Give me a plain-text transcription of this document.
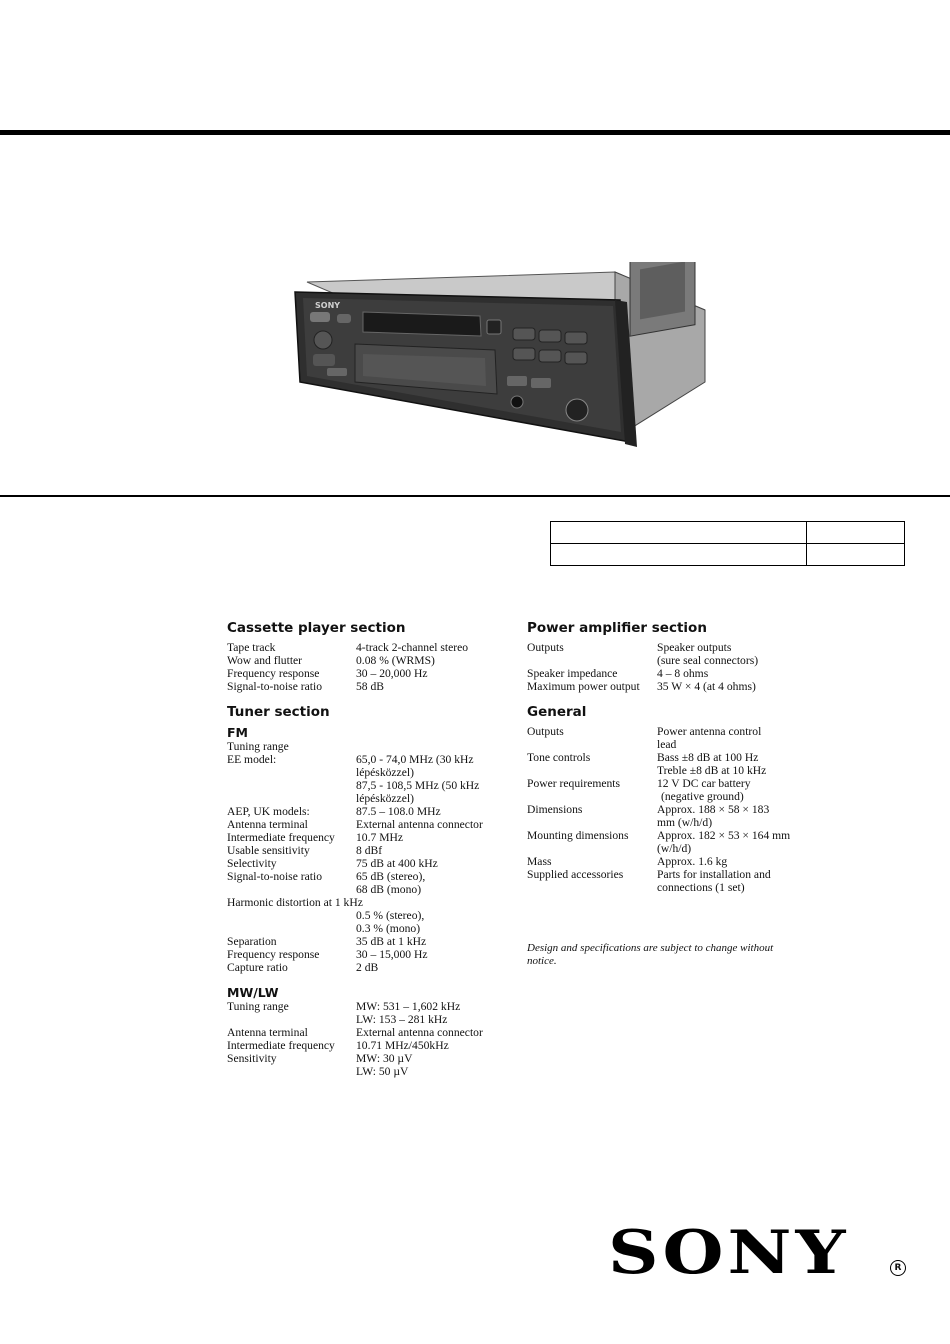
SONY

Cassette player section
Tape track	4-track 2-channel stereo
Wow and flutter	0.08 % (WRMS)
Frequency response	30 – 20,000 Hz
Signal-to-noise ratio	58 dB
Tuner section
FM
Tuning range
EE model:	65,0 - 74,0 MHz (30 kHz lépésközzel)
87,5 - 108,5 MHz (50 kHz lépésközzel)
AEP, UK models:	87.5 – 108.0 MHz
Antenna terminal	External antenna connector
Intermediate frequency	10.7 MHz
Usable sensitivity	8 dBf
Selectivity	75 dB at 400 kHz
Signal-to-noise ratio	65 dB (stereo),
68 dB (mono)
Harmonic distortion at 1 kHz
0.5 % (stereo),
0.3 % (mono)
Separation	35 dB at 1 kHz
Frequency response	30 – 15,000 Hz
Capture ratio	2 dB
MW/LW
Tuning range	MW: 531 – 1,602 kHz
LW: 153 – 281 kHz
Antenna terminal	External antenna connector
Intermediate frequency	10.71 MHz/450kHz
Sensitivity	MW: 30 µV
LW: 50 µV
Power amplifier section
Outputs	Speaker outputs
(sure seal connectors)
Speaker impedance	4 – 8 ohms
Maximum power output	35 W × 4 (at 4 ohms)
General
Outputs	Power antenna control
lead
Tone controls	Bass ±8 dB at 100 Hz
Treble ±8 dB at 10 kHz
Power requirements	12 V DC car battery
(negative ground)
Dimensions	Approx. 188 × 58 × 183
mm (w/h/d)
Mounting dimensions	Approx. 182 × 53 × 164 mm
(w/h/d)
Mass	Approx. 1.6 kg
Supplied accessories	Parts for installation and
connections (1 set)
Design and specifications are subject to change without notice.
SONY	R
